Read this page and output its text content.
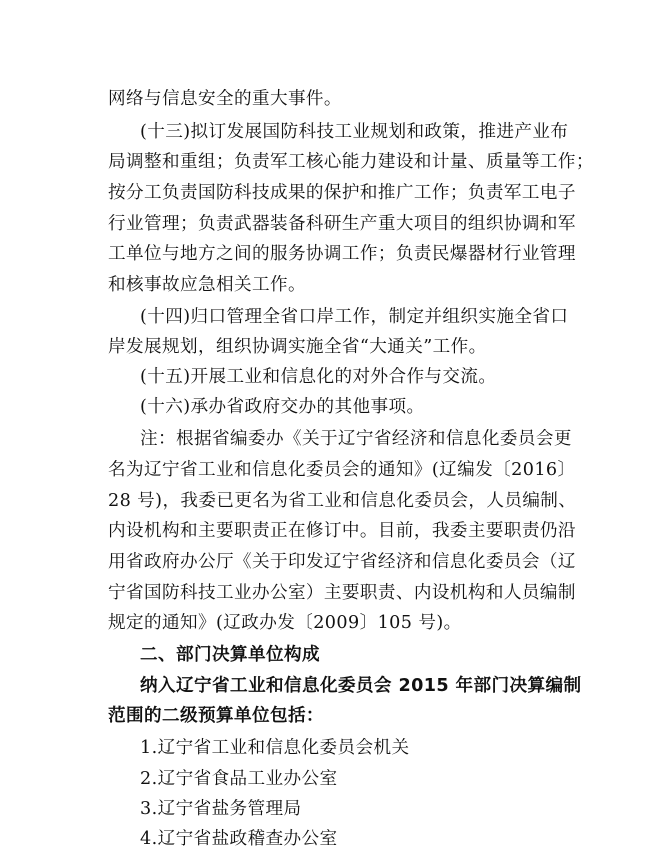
网络与信息安全的重大事件。
(十三)拟订发展国防科技工业规划和政策，推进产业布
局调整和重组；负责军工核心能力建设和计量、质量等工作；
按分工负责国防科技成果的保护和推广工作；负责军工电子
行业管理；负责武器装备科研生产重大项目的组织协调和军
工单位与地方之间的服务协调工作；负责民爆器材行业管理
和核事故应急相关工作。
(十四)归口管理全省口岸工作，制定并组织实施全省口
岸发展规划，组织协调实施全省“大通关”工作。
(十五)开展工业和信息化的对外合作与交流。
(十六)承办省政府交办的其他事项。
注：根据省编委办《关于辽宁省经济和信息化委员会更
名为辽宁省工业和信息化委员会的通知》(辽编发〔2016〕
28 号)，我委已更名为省工业和信息化委员会，人员编制、
内设机构和主要职责正在修订中。目前，我委主要职责仍沿
用省政府办公厅《关于印发辽宁省经济和信息化委员会（辽
宁省国防科技工业办公室）主要职责、内设机构和人员编制
规定的通知》(辽政办发〔2009〕105 号)。
二、部门决算单位构成
纳入辽宁省工业和信息化委员会 2015 年部门决算编制
范围的二级预算单位包括：
1.辽宁省工业和信息化委员会机关
2.辽宁省食品工业办公室
3.辽宁省盐务管理局
4.辽宁省盐政稽查办公室
